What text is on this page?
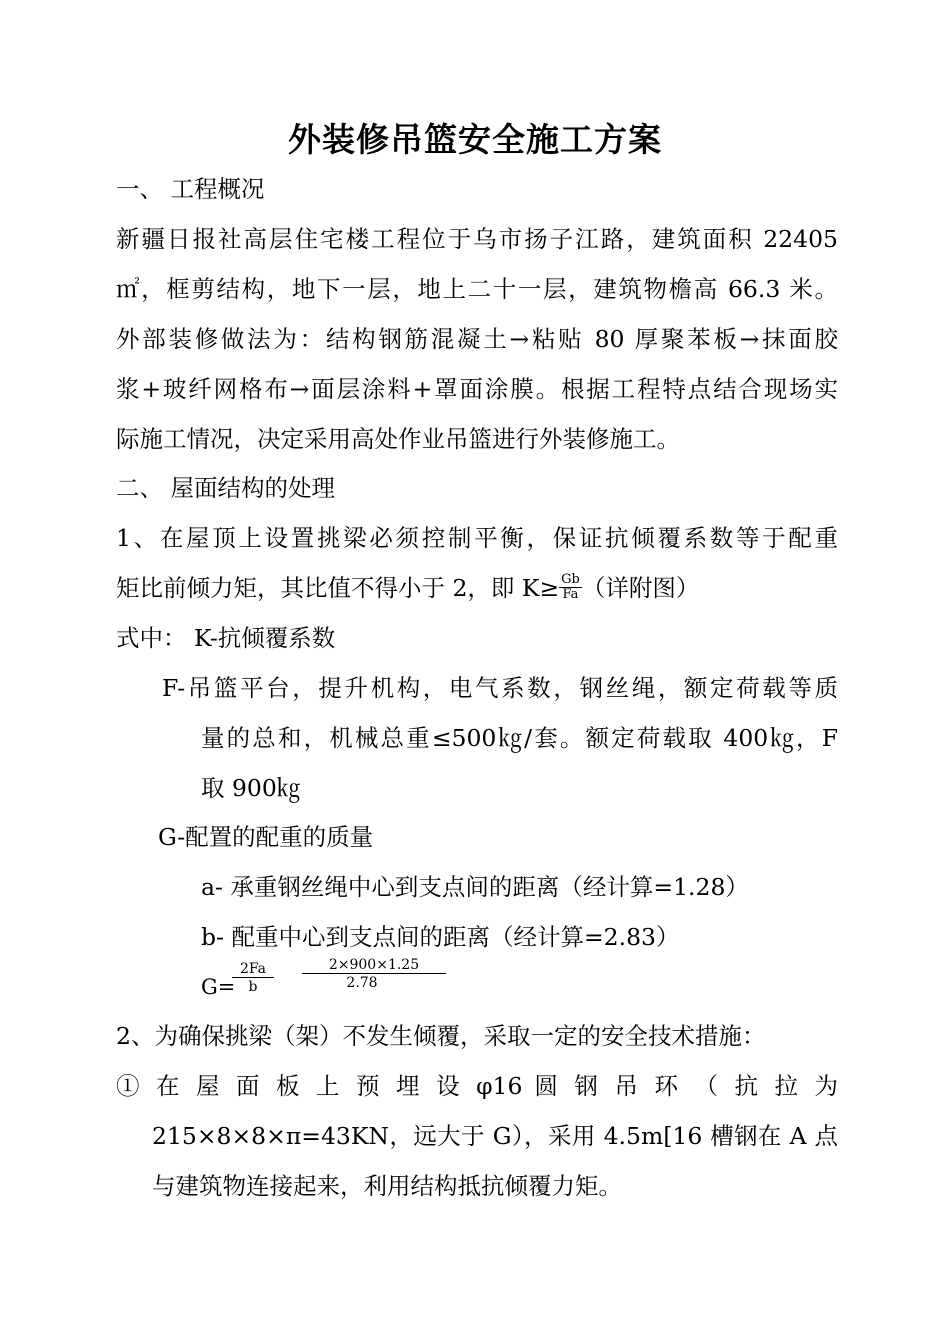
外装修吊篮安全施工方案
一、 工程概况
新疆日报社高层住宅楼工程位于乌市扬子江路，建筑面积 22405
㎡，框剪结构，地下一层，地上二十一层，建筑物檐高 66.3 米。
外部装修做法为：结构钢筋混凝土→粘贴 80 厚聚苯板→抹面胶
浆+玻纤网格布→面层涂料+罩面涂膜。根据工程特点结合现场实
际施工情况，决定采用高处作业吊篮进行外装修施工。
二、 屋面结构的处理
1、在屋顶上设置挑梁必须控制平衡，保证抗倾覆系数等于配重
矩比前倾力矩，其比值不得小于 2，即 $K\ge \frac{Gb}{Fa}$ （详附图）
式中： K-抗倾覆系数
F-吊篮平台，提升机构，电气系数，钢丝绳，额定荷载等质
量的总和，机械总重≤500㎏/套。额定荷载取 400㎏，F
取 900㎏
G-配置的配重的质量
a- 承重钢丝绳中心到支点间的距离（经计算=1.28）
b- 配重中心到支点间的距离（经计算=2.83）
G=
2Fa
b
2×900×1.25
2.78
2、为确保挑梁（架）不发生倾覆，采取一定的安全技术措施：
① 在 屋 面 板 上 预 埋 设 φ16 圆 钢 吊 环 （ 抗 拉 为
215×8×8×π=43KN，远大于 G），采用 4.5m[16 槽钢在 A 点
与建筑物连接起来，利用结构抵抗倾覆力矩。
